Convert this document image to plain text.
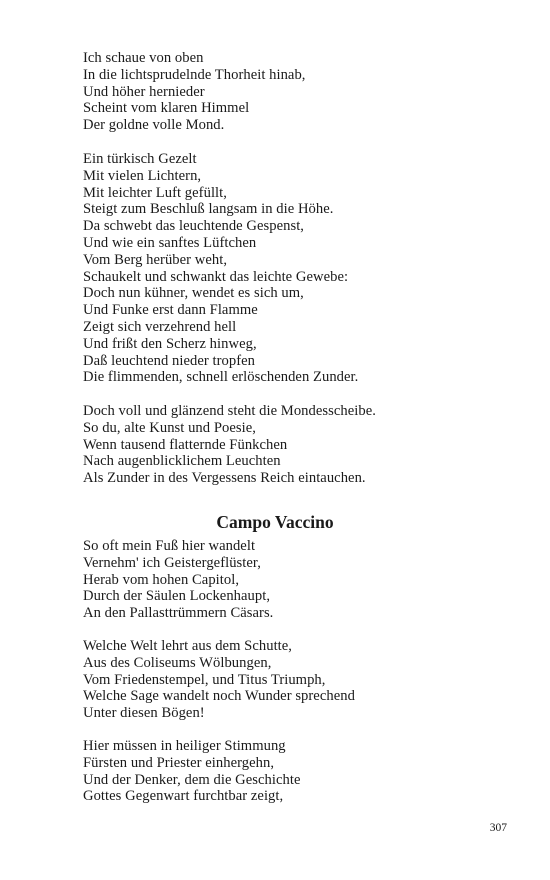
Ich schaue von oben
In die lichtsprudelnde Thorheit hinab,
Und höher hernieder
Scheint vom klaren Himmel
Der goldne volle Mond.
Ein türkisch Gezelt
Mit vielen Lichtern,
Mit leichter Luft gefüllt,
Steigt zum Beschluß langsam in die Höhe.
Da schwebt das leuchtende Gespenst,
Und wie ein sanftes Lüftchen
Vom Berg herüber weht,
Schaukelt und schwankt das leichte Gewebe:
Doch nun kühner, wendet es sich um,
Und Funke erst dann Flamme
Zeigt sich verzehrend hell
Und frißt den Scherz hinweg,
Daß leuchtend nieder tropfen
Die flimmenden, schnell erlöschenden Zunder.
Doch voll und glänzend steht die Mondesscheibe.
So du, alte Kunst und Poesie,
Wenn tausend flatternde Fünkchen
Nach augenblicklichem Leuchten
Als Zunder in des Vergessens Reich eintauchen.
Campo Vaccino
So oft mein Fuß hier wandelt
Vernehm' ich Geistergeflüster,
Herab vom hohen Capitol,
Durch der Säulen Lockenhaupt,
An den Pallasttrümmern Cäsars.
Welche Welt lehrt aus dem Schutte,
Aus des Coliseums Wölbungen,
Vom Friedenstempel, und Titus Triumph,
Welche Sage wandelt noch Wunder sprechend
Unter diesen Bögen!
Hier müssen in heiliger Stimmung
Fürsten und Priester einhergehn,
Und der Denker, dem die Geschichte
Gottes Gegenwart furchtbar zeigt,
307
